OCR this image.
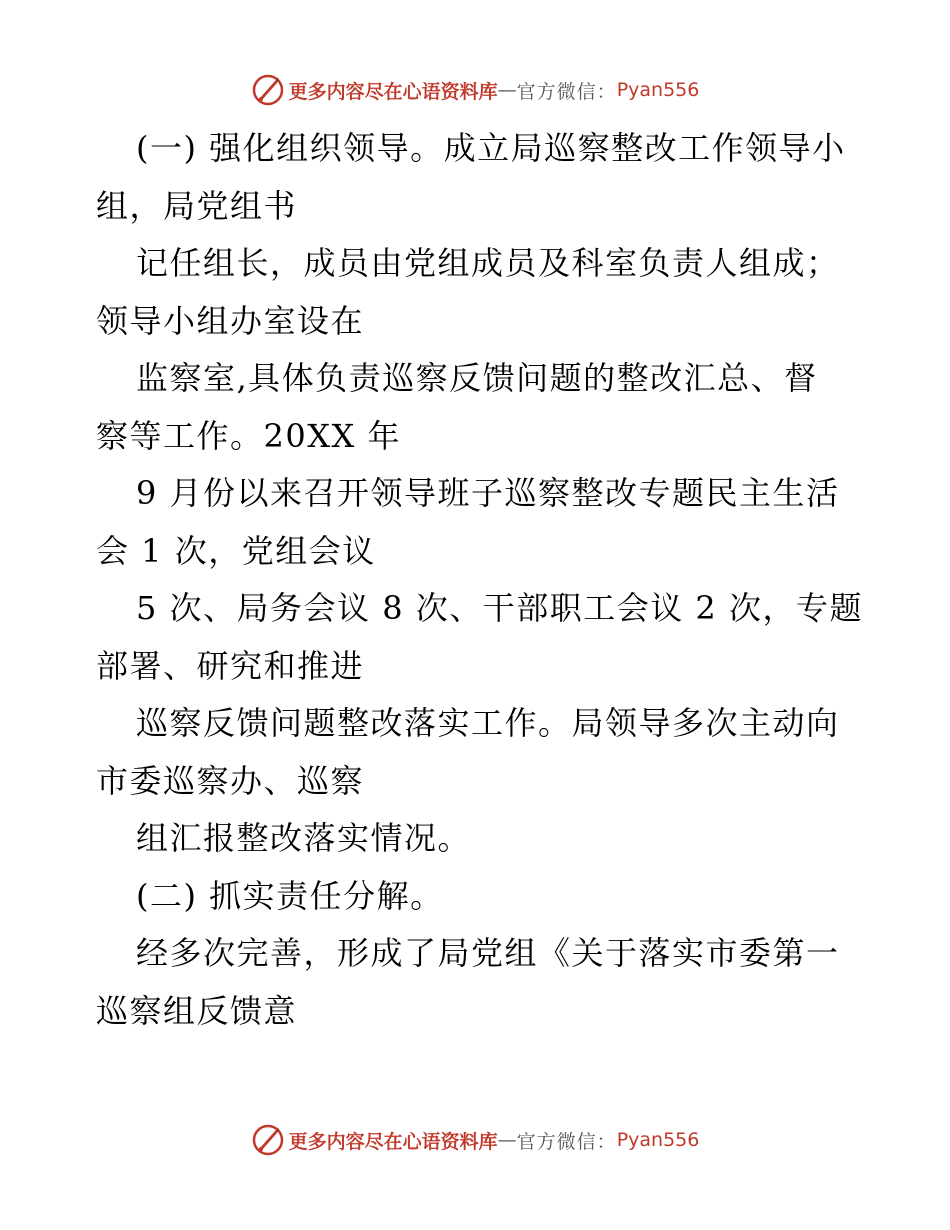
更多内容尽在心语资料库 — 官方微信： Pyan556
(一) 强化组织领导。成立局巡察整改工作领导小
组，局党组书
记任组长，成员由党组成员及科室负责人组成；
领导小组办室设在
监察室,具体负责巡察反馈问题的整改汇总、督
察等工作。20XX 年
9 月份以来召开领导班子巡察整改专题民主生活
会 1 次，党组会议
5 次、局务会议 8 次、干部职工会议 2 次，专题
部署、研究和推进
巡察反馈问题整改落实工作。局领导多次主动向
市委巡察办、巡察
组汇报整改落实情况。
(二) 抓实责任分解。
经多次完善，形成了局党组《关于落实市委第一
巡察组反馈意
更多内容尽在心语资料库 — 官方微信： Pyan556
